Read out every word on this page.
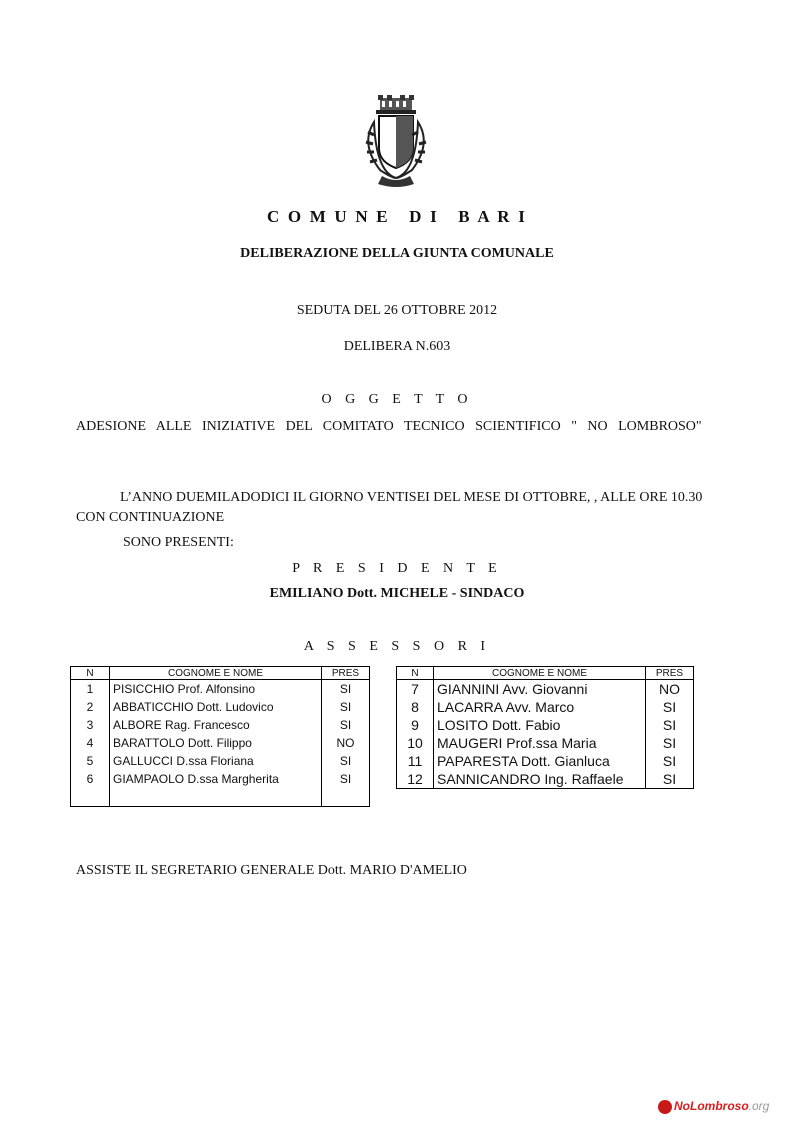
C O M U N E   D I   B A R I
DELIBERAZIONE DELLA GIUNTA COMUNALE
SEDUTA DEL 26 OTTOBRE 2012
DELIBERA N.603
O G G E T T O
ADESIONE ALLE INIZIATIVE DEL COMITATO TECNICO SCIENTIFICO " NO LOMBROSO"
L’ANNO DUEMILADODICI IL GIORNO VENTISEI DEL MESE DI OTTOBRE, , ALLE ORE 10.30 CON CONTINUAZIONE
SONO PRESENTI:
P R E S I D E N T E
EMILIANO Dott. MICHELE - SINDACO
A S S E S S O R I
N	COGNOME E NOME	PRES
1	PISICCHIO Prof. Alfonsino	SI
2	ABBATICCHIO Dott. Ludovico	SI
3	ALBORE Rag. Francesco	SI
4	BARATTOLO Dott. Filippo	NO
5	GALLUCCI D.ssa Floriana	SI
6	GIAMPAOLO D.ssa Margherita	SI

N	COGNOME E NOME	PRES
7	GIANNINI Avv. Giovanni	NO
8	LACARRA Avv. Marco	SI
9	LOSITO Dott. Fabio	SI
10	MAUGERI Prof.ssa Maria	SI
11	PAPARESTA Dott. Gianluca	SI
12	SANNICANDRO Ing. Raffaele	SI

ASSISTE IL SEGRETARIO GENERALE Dott. MARIO D'AMELIO
NoLombroso.org
